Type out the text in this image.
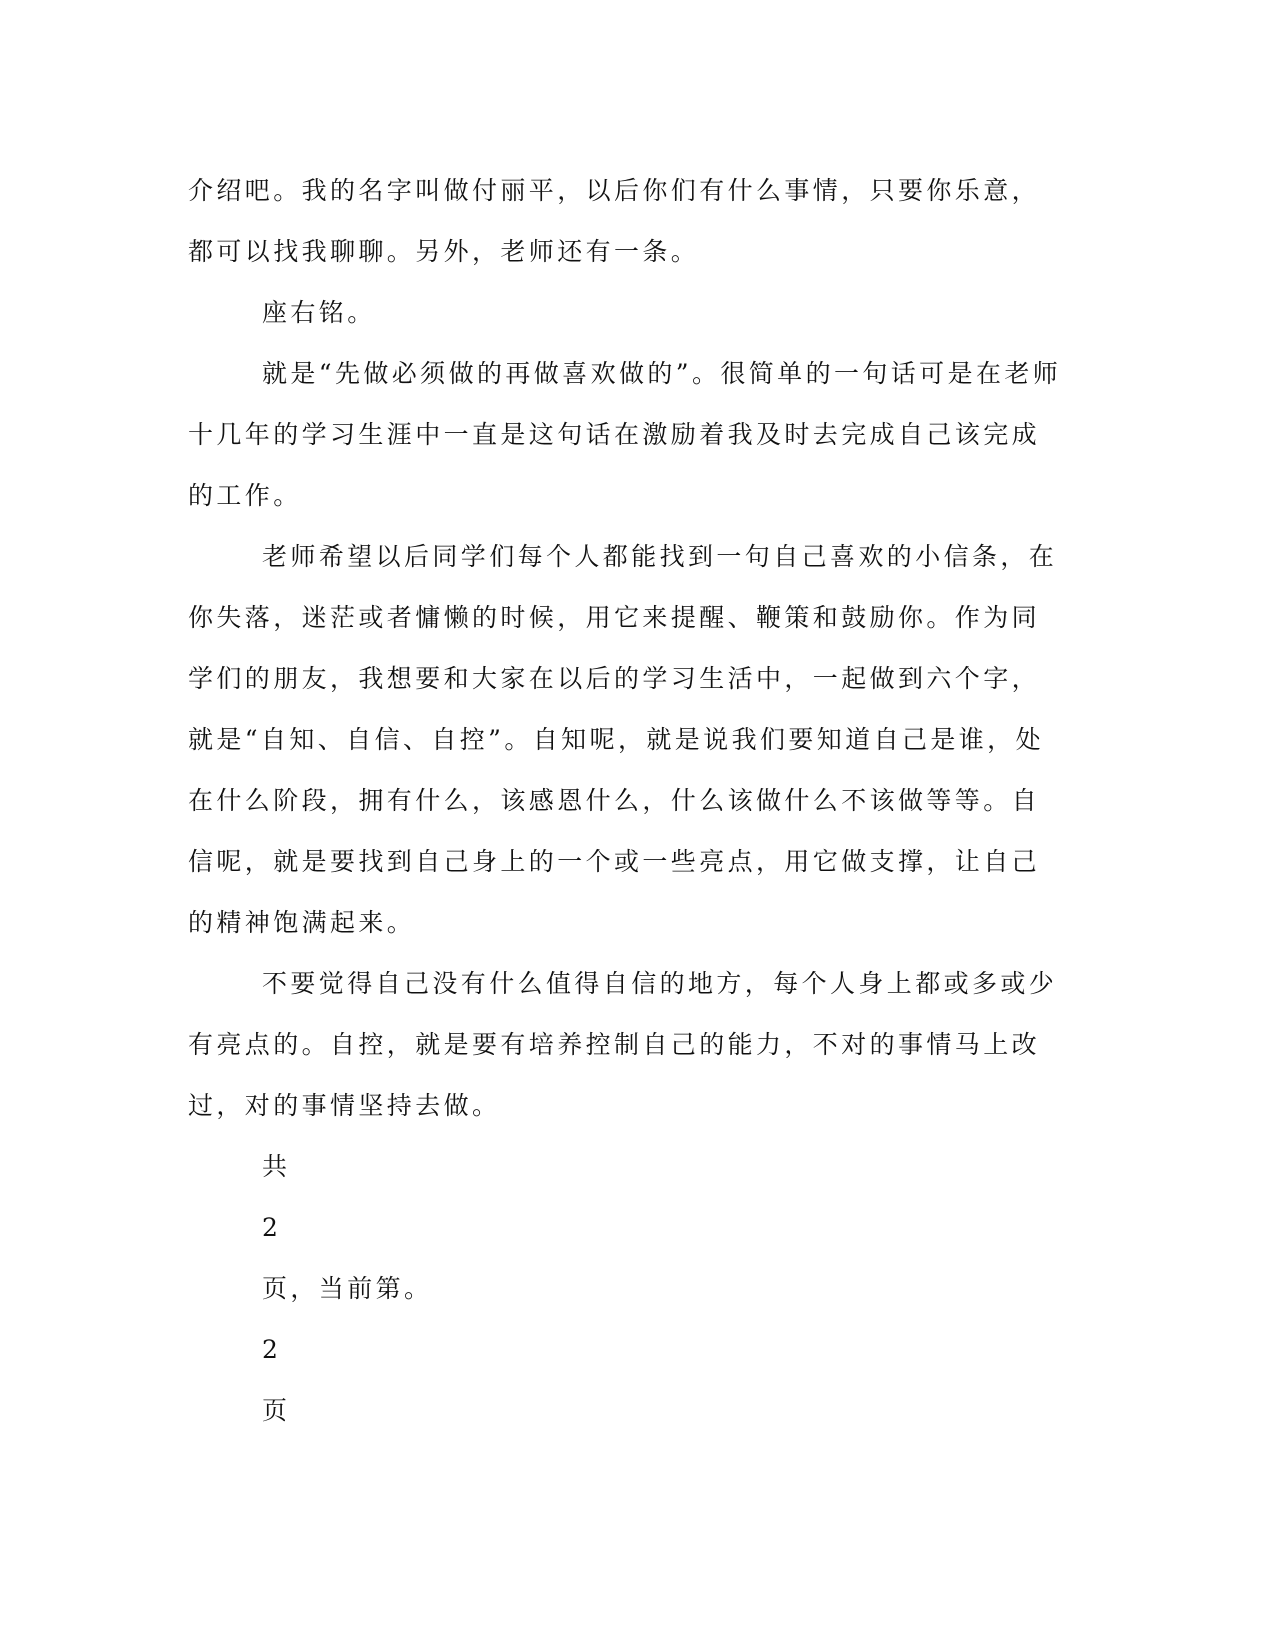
介绍吧。我的名字叫做付丽平，以后你们有什么事情，只要你乐意，
都可以找我聊聊。另外，老师还有一条。
座右铭。
就是“先做必须做的再做喜欢做的”。很简单的一句话可是在老师
十几年的学习生涯中一直是这句话在激励着我及时去完成自己该完成
的工作。
老师希望以后同学们每个人都能找到一句自己喜欢的小信条，在
你失落，迷茫或者慵懒的时候，用它来提醒、鞭策和鼓励你。作为同
学们的朋友，我想要和大家在以后的学习生活中，一起做到六个字，
就是“自知、自信、自控”。自知呢，就是说我们要知道自己是谁，处
在什么阶段，拥有什么，该感恩什么，什么该做什么不该做等等。自
信呢，就是要找到自己身上的一个或一些亮点，用它做支撑，让自己
的精神饱满起来。
不要觉得自己没有什么值得自信的地方，每个人身上都或多或少
有亮点的。自控，就是要有培养控制自己的能力，不对的事情马上改
过，对的事情坚持去做。
共
2
页，当前第。
2
页
